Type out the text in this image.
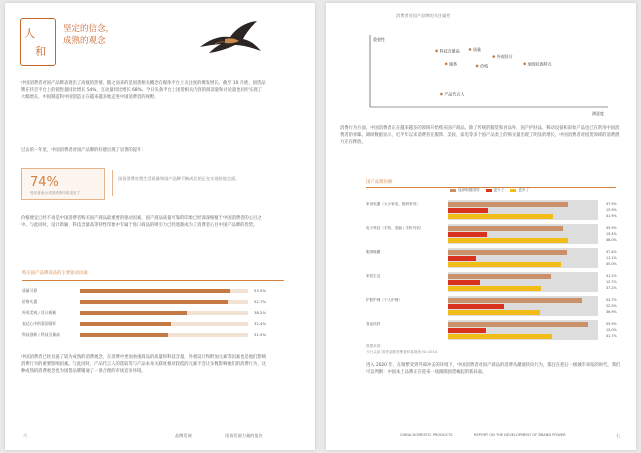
人
和
坚定的信念，
成熟的观念
中国消费者对国产品牌表现出了高涨的热情，随之而来的是国货相关概念在媒体平台上关注度的爆发增长。截至 10 月底，国货品牌在抖音平台上的销售量同比增长 54%，互动量同比增长 68%。今日头条平台上国货相关内容的阅读量和讨论量也同步实现了大幅增长，中国制造和中国创造正在越来越多地走进中国消费者的视野。
过去的一年里，中国消费者对国产品牌的好感出现了显著的提升：
74%
受访者表示对国货的印象变好了
国货消费对我生活质量和国产品牌不断成长的正在实现价值全面。
价格便宜已经不再是中国消费者购买国产商品最重要的驱动因素，国产商品质量可靠的印象已经深深根植于中国消费者的心目之中。与此同时，设计新颖、科技含量高等特性印象中专属于进口商品的吸引力已经逐渐成为了消费者心目中国产品牌的优势。
购买国产品牌商品的主要驱动因素
中国消费者已经具备了较为成熟的消费观念，在消费中更加看重商品的质量和科技含量，外观设计和附加元素等因素也是他们影响消费行为的重要影响因素。与此同时，产品代言人的选取等与产品本身关联度相对较低的元素不会让多数影响他们的消费行为，这种成熟的消费观念也为国货品牌铺通了一条合理的市场竞争环境。
六	品牌发展	国货发展力量的报告
质量可靠	53.5%
价格实惠	52.7%
外形美观 / 设计新颖	38.2%
表达心中的爱国情怀	32.4%
科技创新 / 科技含量高	31.5%
消费者对国产品牌的关注属性
重要性
满意度
科技含量高	质量
外观设计
服务	价格	展现民族特点
产品代言人
消费行为方面，中国消费者正在越来越多的领域开始购买国产商品。除了传统的服装和食品外，国产护肤品、移动设备和彩妆产品也已在常用中国消费者的青睐。调研数据显示，近半年以来消费者在服饰、美妆、家电等多个国产品类上的购买量出现了明显的增长，中国消费者对国货领域的消费潜力正在释放。
国产品牌份额
选择相继国货	更少了	更多了
数据来源：
今日头条 国货品牌消费者问卷调查 N=1014
进入 2020 年，在频繁受到外部冲击的环境下，中国消费者对国产商品的消费从潮流转向行为，都注在把后一级城市来临的时代，我们可以判断：中国本土品牌正在迎来一场跟随国货崛起的新局面。
CHINA DOMESTIC PRODUCTS	REPORT ON THE DEVELOPMENT OF BRAND POWER	七
家用电器（大小家电、数码家具）	47.9%
15.9%
41.9%
电子科技（手机、电脑 / 手机耳机）	45.9%
15.4%
48.0%
服饰鞋帽	47.4%
11.1%
45.0%
家居生活	41.1%
12.7%
37.2%
护肤护理（个人护理）	53.7%
22.5%
36.9%
食品饮料	55.9%
15.0%
41.7%
